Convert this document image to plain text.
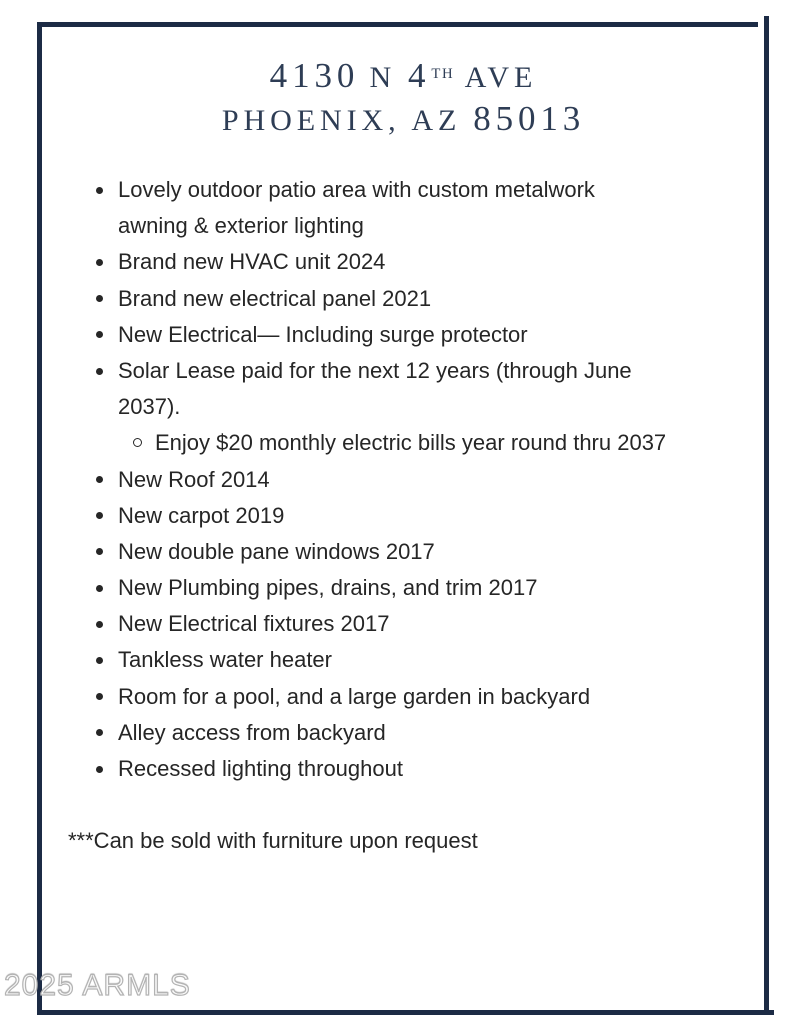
4130 N 4TH AVE
PHOENIX, AZ 85013
Lovely outdoor patio area with custom metalwork
awning & exterior lighting
Brand new HVAC unit 2024
Brand new electrical panel 2021
New Electrical— Including surge protector
Solar Lease paid for the next 12 years (through June
2037).
Enjoy $20 monthly electric bills year round thru 2037
New Roof 2014
New carpot 2019
New double pane windows 2017
New Plumbing pipes, drains, and trim 2017
New Electrical fixtures 2017
Tankless water heater
Room for a pool, and a large garden in backyard
Alley access from backyard
Recessed lighting throughout
***Can be sold with furniture upon request
2025 ARMLS
